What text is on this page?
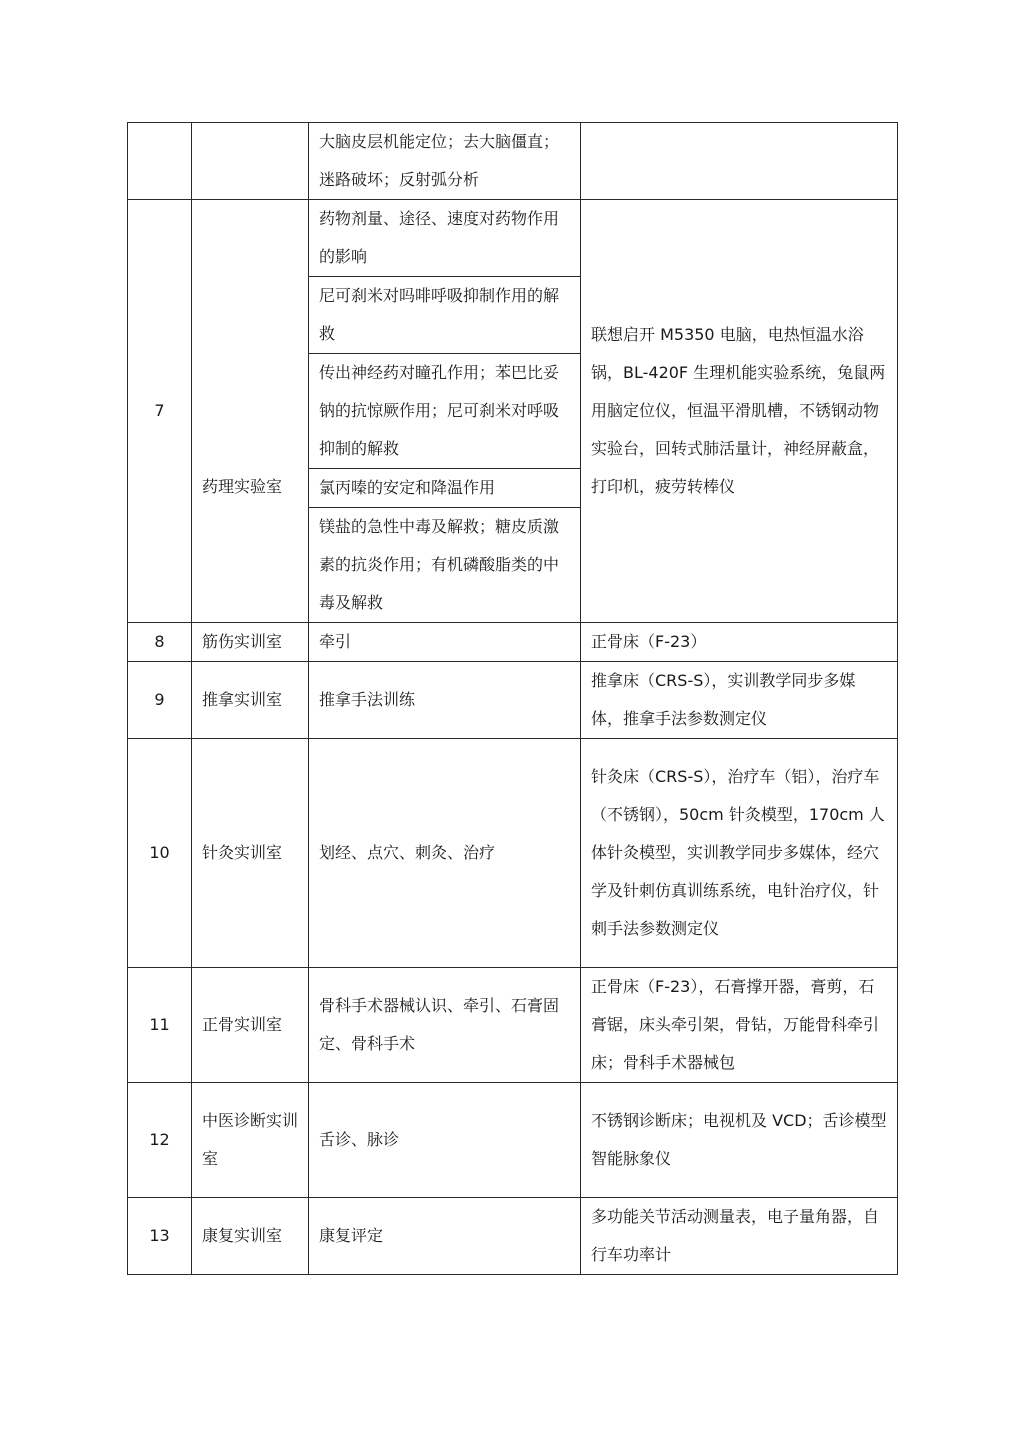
		大脑皮层机能定位；去大脑僵直；迷路破坏；反射弧分析	
7	药理实验室	药物剂量、途径、速度对药物作用的影响	联想启开 M5350 电脑，电热恒温水浴锅，BL-420F 生理机能实验系统，兔鼠两用脑定位仪，恒温平滑肌槽，不锈钢动物实验台，回转式肺活量计，神经屏蔽盒，打印机，疲劳转棒仪
		尼可刹米对吗啡呼吸抑制作用的解救	
		传出神经药对瞳孔作用；苯巴比妥钠的抗惊厥作用；尼可刹米对呼吸抑制的解救	
		氯丙嗪的安定和降温作用	
		镁盐的急性中毒及解救；糖皮质激素的抗炎作用；有机磷酸脂类的中毒及解救	
8	筋伤实训室	牵引	正骨床（F-23）
9	推拿实训室	推拿手法训练	推拿床（CRS-S），实训教学同步多媒体，推拿手法参数测定仪
10	针灸实训室	划经、点穴、刺灸、治疗	针灸床（CRS-S），治疗车（铝），治疗车（不锈钢），50cm 针灸模型，170cm 人体针灸模型，实训教学同步多媒体，经穴学及针刺仿真训练系统，电针治疗仪，针刺手法参数测定仪
11	正骨实训室	骨科手术器械认识、牵引、石膏固定、骨科手术	正骨床（F-23），石膏撑开器，膏剪，石膏锯，床头牵引架，骨钻，万能骨科牵引床；骨科手术器械包
12	中医诊断实训室	舌诊、脉诊	不锈钢诊断床；电视机及 VCD；舌诊模型
智能脉象仪

13	康复实训室	康复评定	多功能关节活动测量表，电子量角器，自行车功率计
